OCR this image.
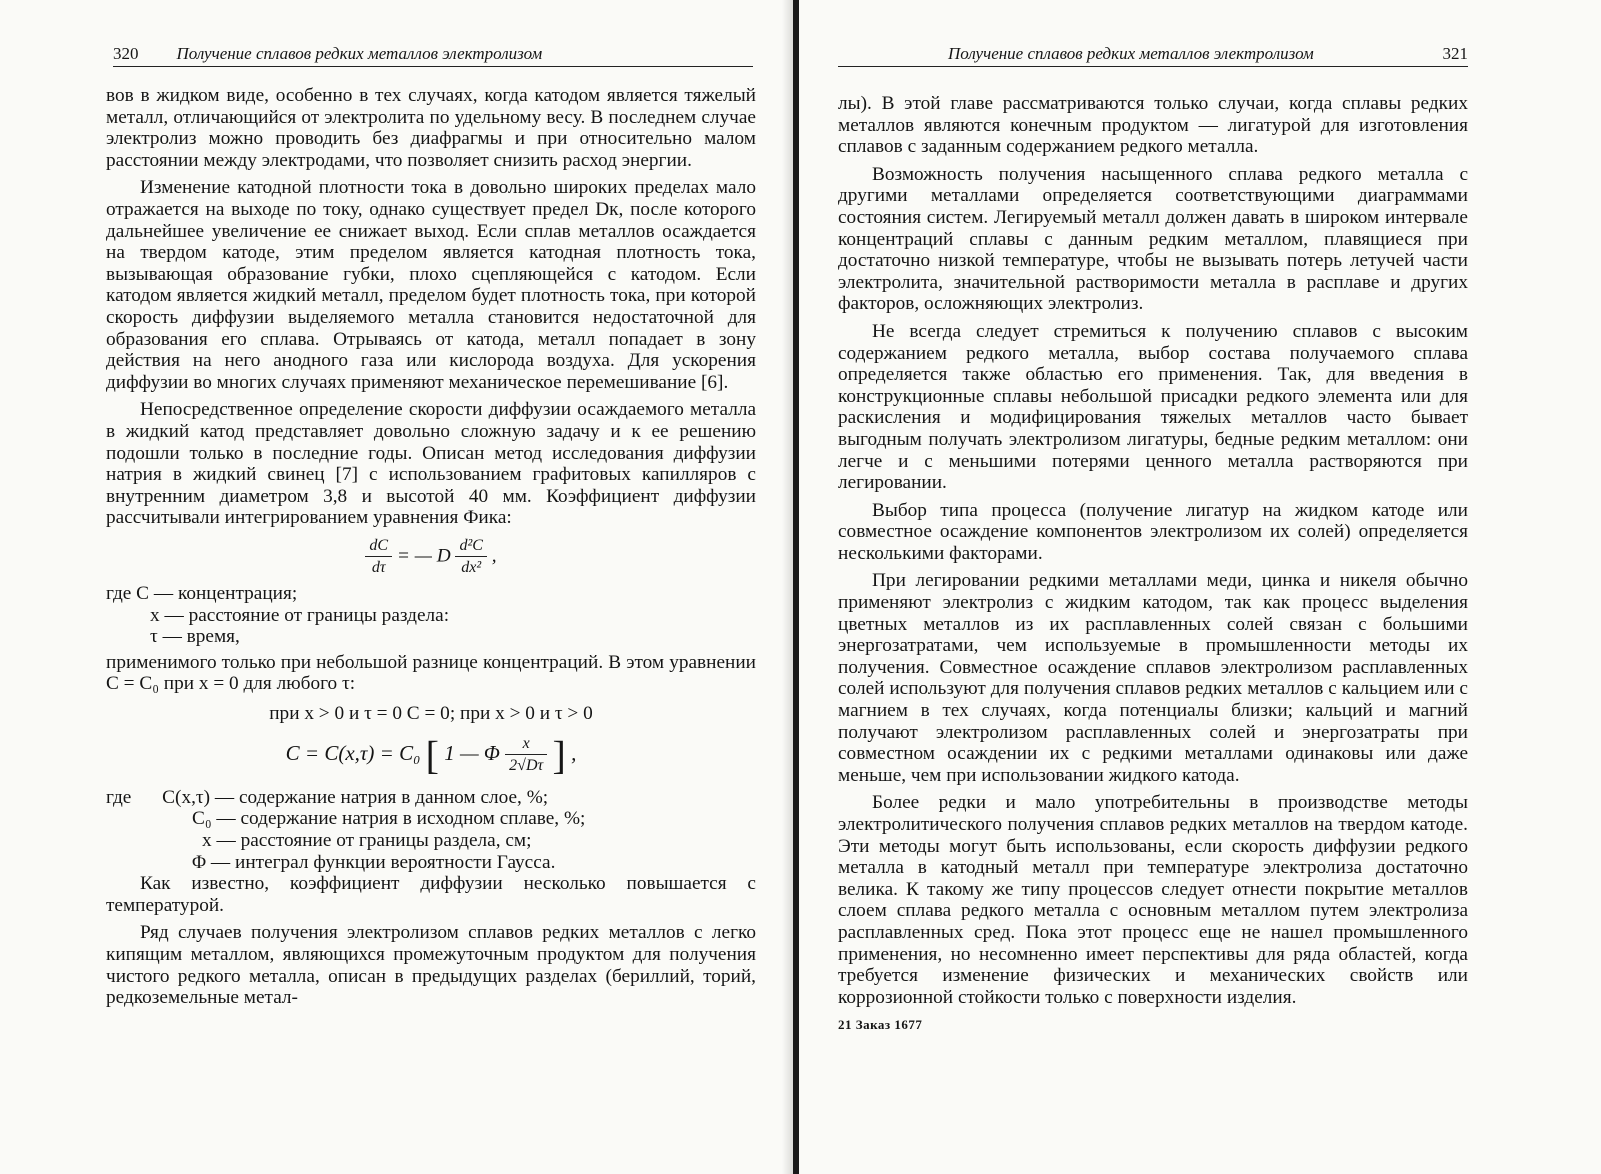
320 Получение сплавов редких металлов электролизом

вов в жидком виде, особенно в тех случаях, когда катодом является тяжелый металл, отличающийся от электролита по удельному весу. В последнем случае электролиз можно проводить без диафрагмы и при относительно малом расстоянии между электродами, что позволяет снизить расход энергии.

Изменение катодной плотности тока в довольно широких пределах мало отражается на выходе по току, однако существует предел Dк, после которого дальнейшее увеличение ее снижает выход. Если сплав металлов осаждается на твердом катоде, этим пределом является катодная плотность тока, вызывающая образование губки, плохо сцепляющейся с катодом. Если катодом является жидкий металл, пределом будет плотность тока, при которой скорость диффузии выделяемого металла становится недостаточной для образования его сплава. Отрываясь от катода, металл попадает в зону действия на него анодного газа или кислорода воздуха. Для ускорения диффузии во многих случаях применяют механическое перемешивание [6].

Непосредственное определение скорости диффузии осаждаемого металла в жидкий катод представляет довольно сложную задачу и к ее решению подошли только в последние годы. Описан метод исследования диффузии натрия в жидкий свинец [7] с использованием графитовых капилляров с внутренним диаметром 3,8 и высотой 40 мм. Коэффициент диффузии рассчитывали интегрированием уравнения Фика:

$\frac{dC}{d\tau}$ = — D $\frac{\text{d²C}}{\text{dx²}}$ ,
где C — концентрация;
x — расстояние от границы раздела:
τ — время,

применимого только при небольшой разнице концентраций. В этом уравнении C = C₀ при x = 0 для любого τ:

при x > 0 и τ = 0 C = 0; при x > 0 и τ > 0
C = C(x,τ) = C₀ [ 1 — Φ $\frac{x}{2√D\tau}$ ] ,
где C(x,τ) — содержание натрия в данном слое, %;
C₀ — содержание натрия в исходном сплаве, %;
x — расстояние от границы раздела, см;
Φ — интеграл функции вероятности Гаусса.

Как известно, коэффициент диффузии несколько повышается с температурой.

Ряд случаев получения электролизом сплавов редких металлов с легко кипящим металлом, являющихся промежуточным продуктом для получения чистого редкого металла, описан в предыдущих разделах (бериллий, торий, редкоземельные метал-

Получение сплавов редких металлов электролизом	321

лы). В этой главе рассматриваются только случаи, когда сплавы редких металлов являются конечным продуктом — лигатурой для изготовления сплавов с заданным содержанием редкого металла.

Возможность получения насыщенного сплава редкого металла с другими металлами определяется соответствующими диаграммами состояния систем. Легируемый металл должен давать в широком интервале концентраций сплавы с данным редким металлом, плавящиеся при достаточно низкой температуре, чтобы не вызывать потерь летучей части электролита, значительной растворимости металла в расплаве и других факторов, осложняющих электролиз.

Не всегда следует стремиться к получению сплавов с высоким содержанием редкого металла, выбор состава получаемого сплава определяется также областью его применения. Так, для введения в конструкционные сплавы небольшой присадки редкого элемента или для раскисления и модифицирования тяжелых металлов часто бывает выгодным получать электролизом лигатуры, бедные редким металлом: они легче и с меньшими потерями ценного металла растворяются при легировании.

Выбор типа процесса (получение лигатур на жидком катоде или совместное осаждение компонентов электролизом их солей) определяется несколькими факторами.

При легировании редкими металлами меди, цинка и никеля обычно применяют электролиз с жидким катодом, так как процесс выделения цветных металлов из их расплавленных солей связан с большими энергозатратами, чем используемые в промышленности методы их получения. Совместное осаждение сплавов электролизом расплавленных солей используют для получения сплавов редких металлов с кальцием или с магнием в тех случаях, когда потенциалы близки; кальций и магний получают электролизом расплавленных солей и энергозатраты при совместном осаждении их с редкими металлами одинаковы или даже меньше, чем при использовании жидкого катода.

Более редки и мало употребительны в производстве методы электролитического получения сплавов редких металлов на твердом катоде. Эти методы могут быть использованы, если скорость диффузии редкого металла в катодный металл при температуре электролиза достаточно велика. К такому же типу процессов следует отнести покрытие металлов слоем сплава редкого металла с основным металлом путем электролиза расплавленных сред. Пока этот процесс еще не нашел промышленного применения, но несомненно имеет перспективы для ряда областей, когда требуется изменение физических и механических свойств или коррозионной стойкости только с поверхности изделия.

21 Заказ 1677
